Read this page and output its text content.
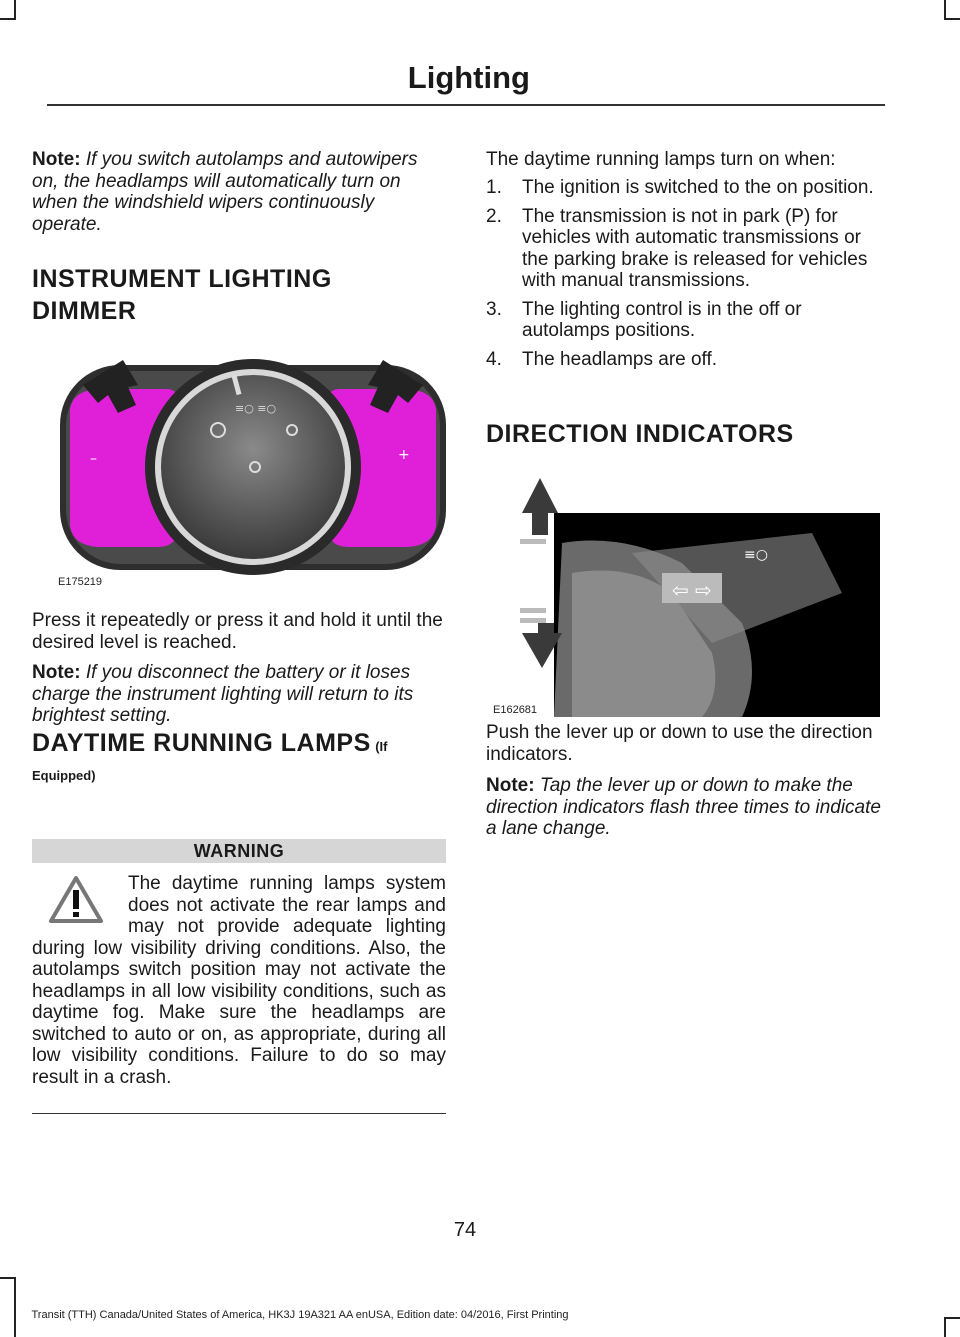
Lighting
Note: If you switch autolamps and autowipers on, the headlamps will automatically turn on when the windshield wipers continuously operate.
INSTRUMENT LIGHTING
DIMMER
≡○ ≡○
–	+
E175219
Press it repeatedly or press it and hold it until the desired level is reached.
Note: If you disconnect the battery or it loses charge the instrument lighting will return to its brightest setting.
DAYTIME RUNNING LAMPS (If
Equipped)
WARNING
The daytime running lamps system does not activate the rear lamps and may not provide adequate lighting during low visibility driving conditions. Also, the autolamps switch position may not activate the headlamps in all low visibility conditions, such as daytime fog. Make sure the headlamps are switched to auto or on, as appropriate, during all low visibility conditions. Failure to do so may result in a crash.
The daytime running lamps turn on when:
1. The ignition is switched to the on position.
2. The transmission is not in park (P) for vehicles with automatic transmissions or the parking brake is released for vehicles with manual transmissions.
3. The lighting control is in the off or autolamps positions.
4. The headlamps are off.
DIRECTION INDICATORS
⇦ ⇨
≡○
E162681
Push the lever up or down to use the direction indicators.
Note: Tap the lever up or down to make the direction indicators flash three times to indicate a lane change.
74
Transit (TTH) Canada/United States of America, HK3J 19A321 AA enUSA, Edition date: 04/2016, First Printing
